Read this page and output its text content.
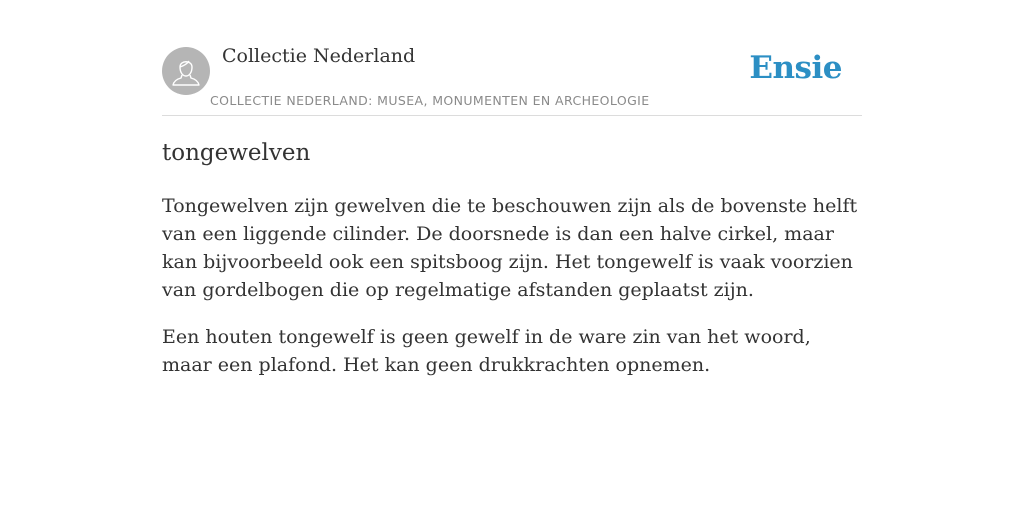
Collectie Nederland
COLLECTIE NEDERLAND: MUSEA, MONUMENTEN EN ARCHEOLOGIE
Ensie
tongewelven

Tongewelven zijn gewelven die te beschouwen zijn als de bovenste helft van een liggende cilinder. De doorsnede is dan een halve cirkel, maar kan bijvoorbeeld ook een spitsboog zijn. Het tongewelf is vaak voorzien van gordelbogen die op regelmatige afstanden geplaatst zijn.

Een houten tongewelf is geen gewelf in de ware zin van het woord, maar een plafond. Het kan geen drukkrachten opnemen.
